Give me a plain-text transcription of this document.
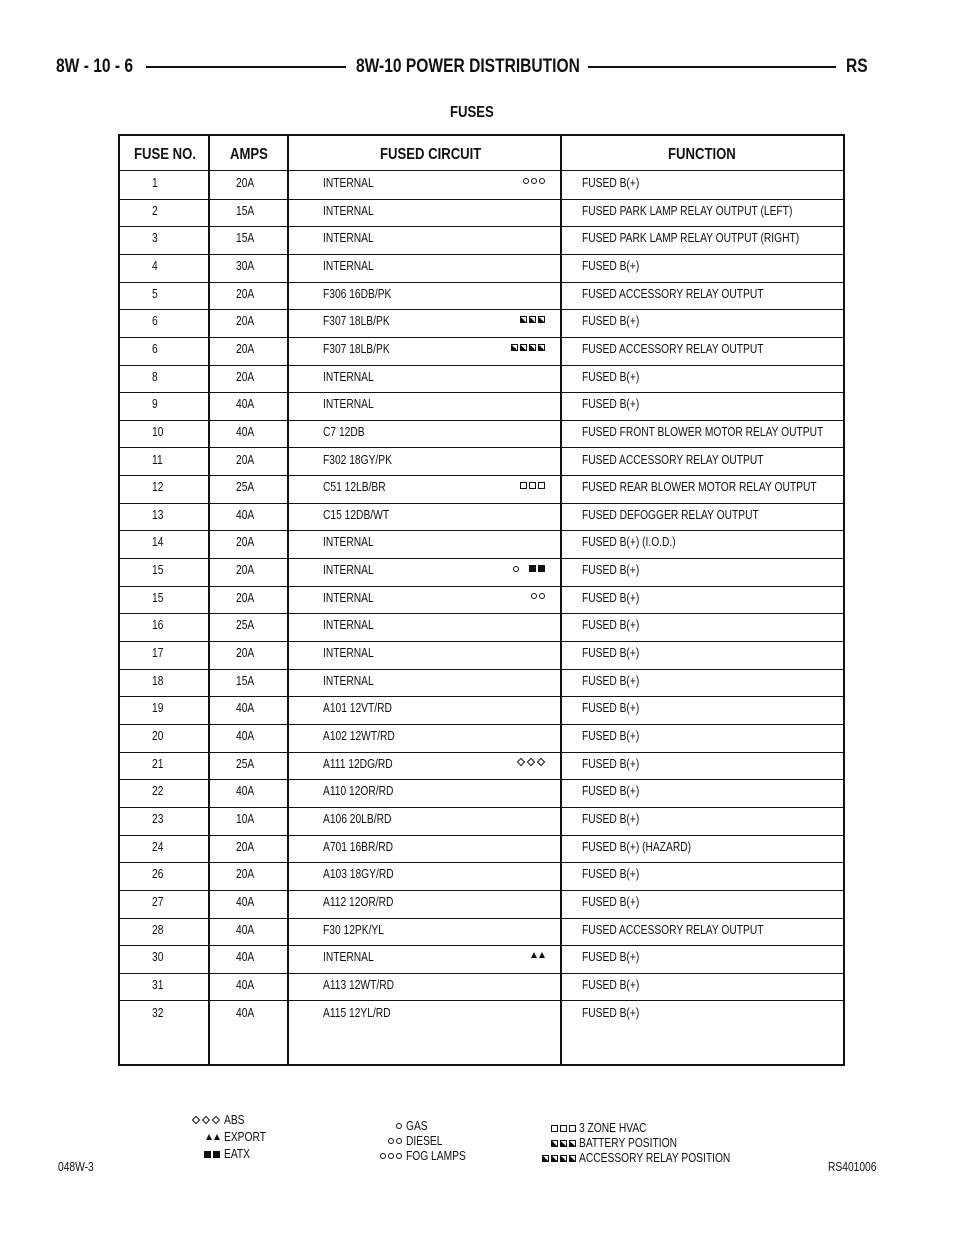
8W - 10 - 6	8W-10 POWER DISTRIBUTION	RS
FUSES
FUSE NO.	AMPS	FUSED CIRCUIT	FUNCTION
1	20A	INTERNAL	FUSED B(+)
2	15A	INTERNAL	FUSED PARK LAMP RELAY OUTPUT (LEFT)
3	15A	INTERNAL	FUSED PARK LAMP RELAY OUTPUT (RIGHT)
4	30A	INTERNAL	FUSED B(+)
5	20A	F306 16DB/PK	FUSED ACCESSORY RELAY OUTPUT
6	20A	F307 18LB/PK	FUSED B(+)
6	20A	F307 18LB/PK	FUSED ACCESSORY RELAY OUTPUT
8	20A	INTERNAL	FUSED B(+)
9	40A	INTERNAL	FUSED B(+)
10	40A	C7 12DB	FUSED FRONT BLOWER MOTOR RELAY OUTPUT
11	20A	F302 18GY/PK	FUSED ACCESSORY RELAY OUTPUT
12	25A	C51 12LB/BR	FUSED REAR BLOWER MOTOR RELAY OUTPUT
13	40A	C15 12DB/WT	FUSED DEFOGGER RELAY OUTPUT
14	20A	INTERNAL	FUSED B(+) (I.O.D.)
15	20A	INTERNAL	FUSED B(+)
15	20A	INTERNAL	FUSED B(+)
16	25A	INTERNAL	FUSED B(+)
17	20A	INTERNAL	FUSED B(+)
18	15A	INTERNAL	FUSED B(+)
19	40A	A101 12VT/RD	FUSED B(+)
20	40A	A102 12WT/RD	FUSED B(+)
21	25A	A111 12DG/RD	FUSED B(+)
22	40A	A110 12OR/RD	FUSED B(+)
23	10A	A106 20LB/RD	FUSED B(+)
24	20A	A701 16BR/RD	FUSED B(+) (HAZARD)
26	20A	A103 18GY/RD	FUSED B(+)
27	40A	A112 12OR/RD	FUSED B(+)
28	40A	F30 12PK/YL	FUSED ACCESSORY RELAY OUTPUT
30	40A	INTERNAL	FUSED B(+)
31	40A	A113 12WT/RD	FUSED B(+)
32	40A	A115 12YL/RD	FUSED B(+)
ABS
EXPORT
EATX
GAS
DIESEL
FOG LAMPS
3 ZONE HVAC
BATTERY POSITION
ACCESSORY RELAY POSITION
048W-3	RS401006
